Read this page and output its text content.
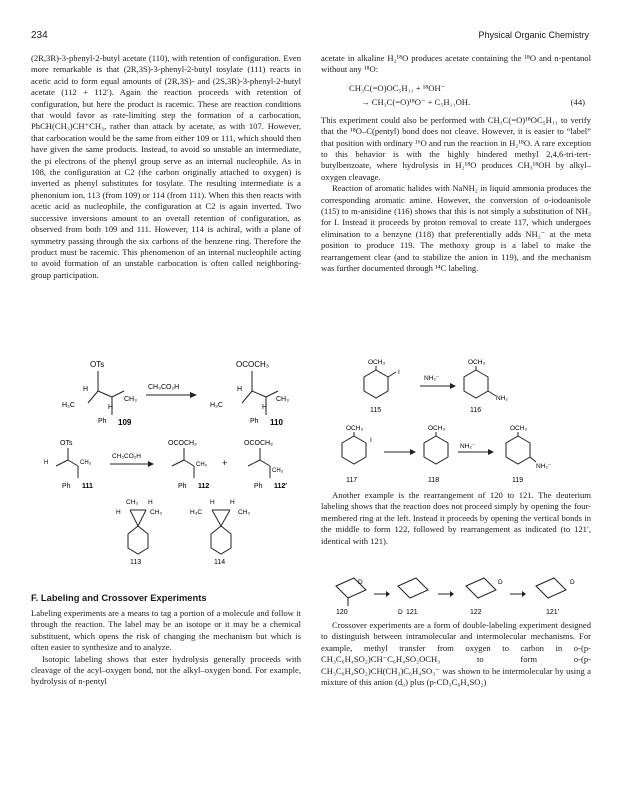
234	Physical Organic Chemistry

(2R,3R)-3-phenyl-2-butyl acetate (110), with retention of configuration. Even more remarkable is that (2R,3S)-3-phenyl-2-butyl tosylate (111) reacts in acetic acid to form equal amounts of (2R,3S)- and (2S,3R)-3-phenyl-2-butyl acetate (112 + 112′). Again the reaction proceeds with retention of configuration, but here the product is racemic. These are reaction conditions that would favor as rate-limiting step the formation of a carbocation, PhCH(CH₃)CH⁺CH₃, rather than attack by acetate, as with 107. However, that carbocation would be the same from either 109 or 111, which should then have given the same products. Instead, to avoid so unstable an intermediate, the pi electrons of the phenyl group serve as an internal nucleophile. As in 108, the configuration at C2 (the carbon originally attached to oxygen) is inverted as phenyl substitutes for tosylate. The resulting intermediate is a phenonium ion, 113 (from 109) or 114 (from 111). When this then reacts with acetic acid as nucleophile, the configuration at C2 is again inverted. Two successive inversions amount to an overall retention of configuration, as observed from both 109 and 111. However, 114 is achiral, with a plane of symmetry passing through the six carbons of the benzene ring. Therefore the product must be racemic. This phenomenon of an internal nucleophile acting to avoid formation of an unstable carbocation is often called neighboring-group participation.

OTs
H
H₃C
CH₃
H
Ph 109
CH₃CO₂H
OCOCH₃
H
H₃C
CH₃
H
Ph 110
OTs
H	CH₃
Ph 111
CH₃CO₂H
OCOCH₃
CH₃
Ph 112
+
OCOCH₃
CH₃
Ph 112′
CH₃ H
H	CH₃
113
H H
H₃C	CH₃
114
F. Labeling and Crossover Experiments

Labeling experiments are a means to tag a portion of a molecule and follow it through the reaction. The label may be an isotope or it may be a chemical substituent, which opens the risk of changing the mechanism but which is often easier to synthesize and to analyze.

Isotopic labeling shows that ester hydrolysis generally proceeds with cleavage of the acyl–oxygen bond, not the alkyl–oxygen bond. For example, hydrolysis of n-pentyl

acetate in alkaline H₂¹⁸O produces acetate containing the ¹⁸O and n-pentanol without any ¹⁸O:

CH₃C(=O)OC₅H₁₁ + ¹⁸OH⁻
→ CH₃C(=O)¹⁸O⁻ + C₅H₁₁OH.	(44)

This experiment could also be performed with CH₃C(=O)¹⁸OC₅H₁₁ to verify that the ¹⁸O–C(pentyl) bond does not cleave. However, it is easier to “label” that position with ordinary ¹⁶O and run the reaction in H₂¹⁸O. A rare exception to this behavior is with the highly hindered methyl 2,4,6-tri-tert-butylbenzoate, where hydrolysis in H₂¹⁸O produces CH₃¹⁸OH by alkyl–oxygen cleavage.

Reaction of aromatic halides with NaNH₂ in liquid ammonia produces the corresponding aromatic amine. However, the conversion of o-iodoanisole (115) to m-anisidine (116) shows that this is not simply a substitution of NH₂ for I. Instead it proceeds by proton removal to create 117, which undergoes elimination to a benzyne (118) that preferentially adds NH₂⁻ at the meta position to produce 119. The methoxy group is a label to make the rearrangement clear (and to stabilize the anion in 119), and the mechanism was further documented through ¹⁴C labeling.

OCH₃
I
115
NH₂⁻
OCH₃
NH₂
116
OCH₃
I
117
OCH₃
118
NH₂⁻
OCH₃
NH₂⁻
119

Another example is the rearrangement of 120 to 121. The deuterium labeling shows that the reaction does not proceed simply by opening the four-membered ring at the left. Instead it proceeds by opening the vertical bonds in the middle to form 122, followed by rearrangement as indicated (to 121′, identical with 121).

D
120	121
D
D
122
D
121′

Crossover experiments are a form of double-labeling experiment designed to distinguish between intramolecular and intermolecular mechanisms. For example, methyl transfer from oxygen to carbon in o-(p-CH₃C₆H₄SO₂)CH⁻C₆H₄SO₂OCH₃ to form o-(p-CH₃C₆H₄SO₂)CH(CH₃)C₆H₄SO₃⁻ was shown to be intermolecular by using a mixture of this anion (d₀) plus (p-CD₃C₆H₄SO₂)
